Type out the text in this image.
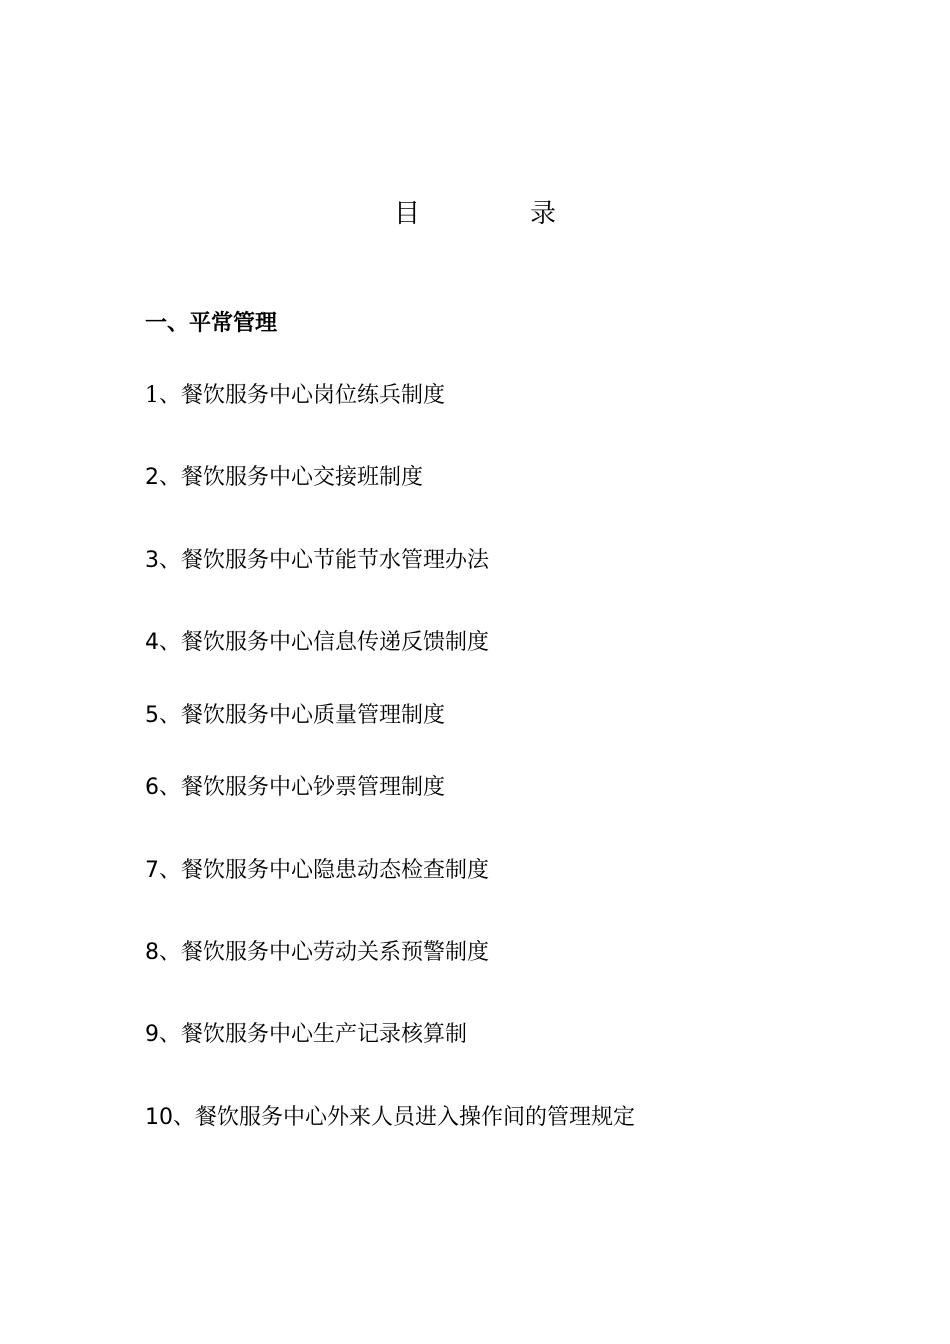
目　录
一、平常管理
1、餐饮服务中心岗位练兵制度
2、餐饮服务中心交接班制度
3、餐饮服务中心节能节水管理办法
4、餐饮服务中心信息传递反馈制度
5、餐饮服务中心质量管理制度
6、餐饮服务中心钞票管理制度
7、餐饮服务中心隐患动态检查制度
8、餐饮服务中心劳动关系预警制度
9、餐饮服务中心生产记录核算制
10、餐饮服务中心外来人员进入操作间的管理规定
